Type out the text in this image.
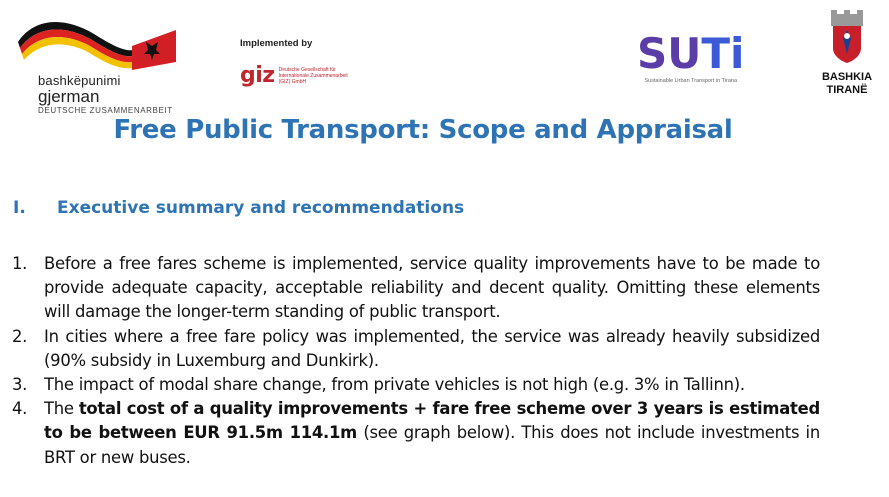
bashkëpunimi
gjerman
DEUTSCHE ZUSAMMENARBEIT
Implemented by
giz Deutsche Gesellschaft für Internationale Zusammenarbeit (GIZ) GmbH
SUTi
Sustainable Urban Transport in Tirana	BASHKIA
TIRANË
Free Public Transport: Scope and Appraisal
I. Executive summary and recommendations
1.	Before a free fares scheme is implemented, service quality improvements have to be made to provide adequate capacity, acceptable reliability and decent quality. Omitting these elements will damage the longer-term standing of public transport.
2.	In cities where a free fare policy was implemented, the service was already heavily subsidized (90% subsidy in Luxemburg and Dunkirk).
3.	The impact of modal share change, from private vehicles is not high (e.g. 3% in Tallinn).
4.	The total cost of a quality improvements + fare free scheme over 3 years is estimated to be between EUR 91.5m 114.1m (see graph below). This does not include investments in BRT or new buses.
